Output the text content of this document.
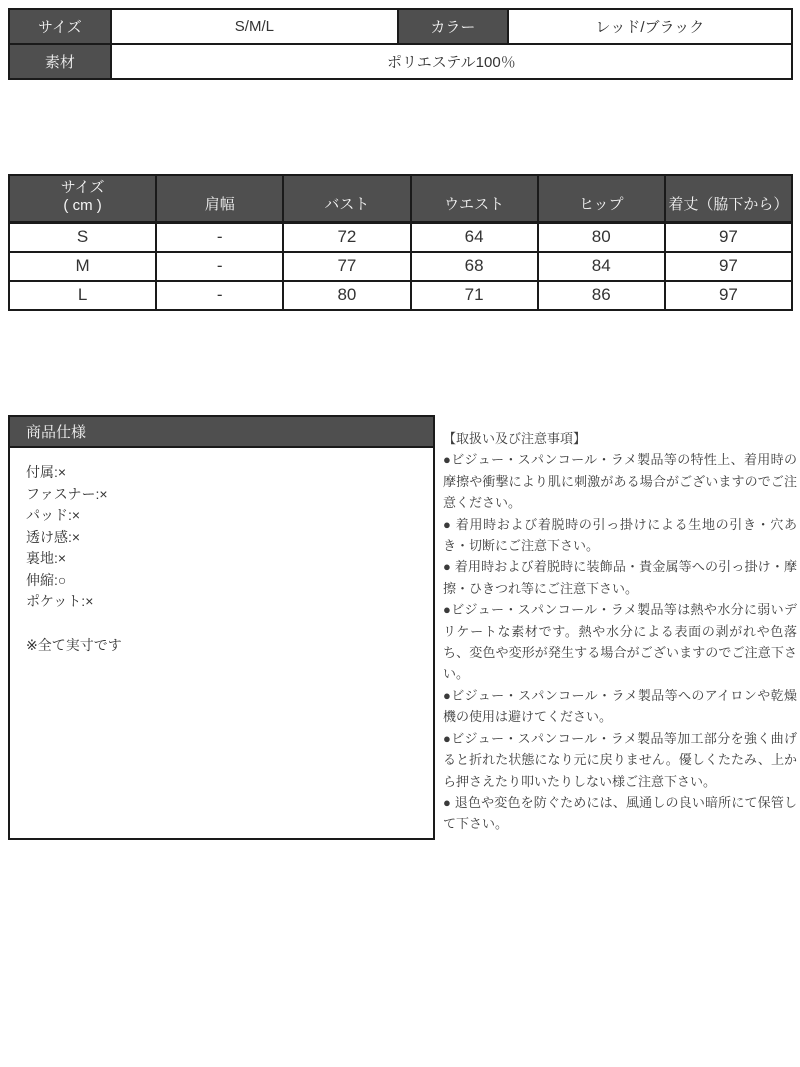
サイズ	S/M/L	カラー	レッド/ブラック
素材	ポリエステル100％		
サイズ
( cm )	肩幅	バスト	ウエスト	ヒップ	着丈（脇下から）
S	-	72	64	80	97
M	-	77	68	84	97
L	-	80	71	86	97
商品仕様
付属:×
ファスナー:×
パッド:×
透け感:×
裏地:×
伸縮:○
ポケット:×
※全て実寸です

【取扱い及び注意事項】

●ビジュー・スパンコール・ラメ製品等の特性上、着用時の摩擦や衝撃により肌に刺激がある場合がございますのでご注意ください。

● 着用時および着脱時の引っ掛けによる生地の引き・穴あき・切断にご注意下さい。

● 着用時および着脱時に装飾品・貴金属等への引っ掛け・摩擦・ひきつれ等にご注意下さい。

●ビジュー・スパンコール・ラメ製品等は熱や水分に弱いデリケートな素材です。熱や水分による表面の剥がれや色落ち、変色や変形が発生する場合がございますのでご注意下さい。

●ビジュー・スパンコール・ラメ製品等へのアイロンや乾燥機の使用は避けてください。

●ビジュー・スパンコール・ラメ製品等加工部分を強く曲げると折れた状態になり元に戻りません。優しくたたみ、上から押さえたり叩いたりしない様ご注意下さい。

● 退色や変色を防ぐためには、風通しの良い暗所にて保管して下さい。
